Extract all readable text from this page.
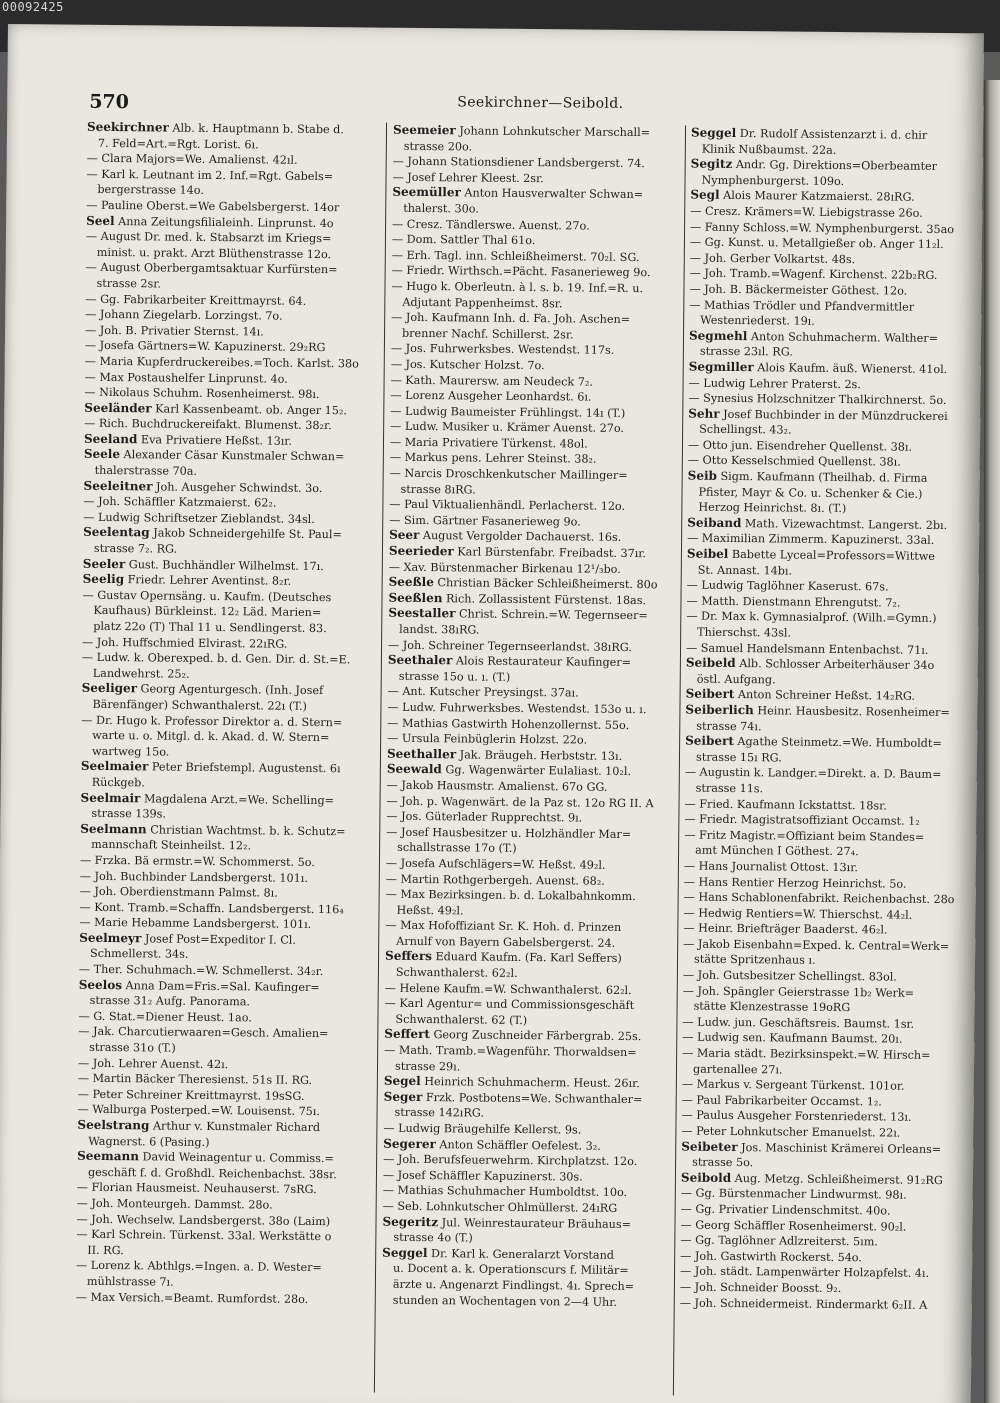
00092425
570	Seekirchner—Seibold.
Seekirchner Alb. k. Hauptmann b. Stabe d.
7. Feld=Art.=Rgt. Lorist. 6ı.
— Clara Majors=We. Amalienst. 42ıl.
— Karl k. Leutnant im 2. Inf.=Rgt. Gabels=
bergerstrasse 14o.
— Pauline Oberst.=We Gabelsbergerst. 14or
Seel Anna Zeitungsfilialeinh. Linprunst. 4o
— August Dr. med. k. Stabsarzt im Kriegs=
minist. u. prakt. Arzt Blüthenstrasse 12o.
— August Oberbergamtsaktuar Kurfürsten=
strasse 2sr.
— Gg. Fabrikarbeiter Kreittmayrst. 64.
— Johann Ziegelarb. Lorzingst. 7o.
— Joh. B. Privatier Sternst. 14ı.
— Josefa Gärtners=W. Kapuzinerst. 29₂RG
— Maria Kupferdruckereibes.=Toch. Karlst. 38o
— Max Postaushelfer Linprunst. 4o.
— Nikolaus Schuhm. Rosenheimerst. 98ı.
Seeländer Karl Kassenbeamt. ob. Anger 15₂.
— Rich. Buchdruckereifakt. Blumenst. 38₂r.
Seeland Eva Privatiere Heßst. 13ır.
Seele Alexander Cäsar Kunstmaler Schwan=
thalerstrasse 70a.
Seeleitner Joh. Ausgeher Schwindst. 3o.
— Joh. Schäffler Katzmaierst. 62₂.
— Ludwig Schriftsetzer Zieblandst. 34sl.
Seelentag Jakob Schneidergehilfe St. Paul=
strasse 7₂. RG.
Seeler Gust. Buchhändler Wilhelmst. 17ı.
Seelig Friedr. Lehrer Aventinst. 8₂r.
— Gustav Opernsäng. u. Kaufm. (Deutsches
Kaufhaus) Bürkleinst. 12₂ Läd. Marien=
platz 22o (T) Thal 11 u. Sendlingerst. 83.
— Joh. Huffschmied Elvirast. 22ıRG.
— Ludw. k. Oberexped. b. d. Gen. Dir. d. St.=E.
Landwehrst. 25₂.
Seeliger Georg Agenturgesch. (Inh. Josef
Bärenfänger) Schwanthalerst. 22ı (T.)
— Dr. Hugo k. Professor Direktor a. d. Stern=
warte u. o. Mitgl. d. k. Akad. d. W. Stern=
wartweg 15o.
Seelmaier Peter Briefstempl. Augustenst. 6ı
Rückgeb.
Seelmair Magdalena Arzt.=We. Schelling=
strasse 139s.
Seelmann Christian Wachtmst. b. k. Schutz=
mannschaft Steinheilst. 12₂.
— Frzka. Bä ermstr.=W. Schommerst. 5o.
— Joh. Buchbinder Landsbergerst. 101ı.
— Joh. Oberdienstmann Palmst. 8ı.
— Kont. Tramb.=Schaffn. Landsbergerst. 116₄
— Marie Hebamme Landsbergerst. 101ı.
Seelmeyr Josef Post=Expeditor I. Cl.
Schmellerst. 34s.
— Ther. Schuhmach.=W. Schmellerst. 34₂r.
Seelos Anna Dam=Fris.=Sal. Kaufinger=
strasse 31₂ Aufg. Panorama.
— G. Stat.=Diener Heust. 1ao.
— Jak. Charcutierwaaren=Gesch. Amalien=
strasse 31o (T.)
— Joh. Lehrer Auenst. 42ı.
— Martin Bäcker Theresienst. 51s II. RG.
— Peter Schreiner Kreittmayrst. 19sSG.
— Walburga Posterped.=W. Louisenst. 75ı.
Seelstrang Arthur v. Kunstmaler Richard
Wagnerst. 6 (Pasing.)
Seemann David Weinagentur u. Commiss.=
geschäft f. d. Großhdl. Reichenbachst. 38sr.
— Florian Hausmeist. Neuhauserst. 7sRG.
— Joh. Monteurgeh. Dammst. 28o.
— Joh. Wechselw. Landsbergerst. 38o (Laim)
— Karl Schrein. Türkenst. 33al. Werkstätte o
II. RG.
— Lorenz k. Abthlgs.=Ingen. a. D. Wester=
mühlstrasse 7ı.
— Max Versich.=Beamt. Rumfordst. 28o.
Seemeier Johann Lohnkutscher Marschall=
strasse 20o.
— Johann Stationsdiener Landsbergerst. 74.
— Josef Lehrer Kleest. 2sr.
Seemüller Anton Hausverwalter Schwan=
thalerst. 30o.
— Cresz. Tändlerswe. Auenst. 27o.
— Dom. Sattler Thal 61o.
— Erh. Tagl. inn. Schleißheimerst. 70₂l. SG.
— Friedr. Wirthsch.=Pächt. Fasanerieweg 9o.
— Hugo k. Oberleutn. à l. s. b. 19. Inf.=R. u.
Adjutant Pappenheimst. 8sr.
— Joh. Kaufmann Inh. d. Fa. Joh. Aschen=
brenner Nachf. Schillerst. 2sr.
— Jos. Fuhrwerksbes. Westendst. 117s.
— Jos. Kutscher Holzst. 7o.
— Kath. Maurersw. am Neudeck 7₂.
— Lorenz Ausgeher Leonhardst. 6ı.
— Ludwig Baumeister Frühlingst. 14ı (T.)
— Ludw. Musiker u. Krämer Auenst. 27o.
— Maria Privatiere Türkenst. 48ol.
— Markus pens. Lehrer Steinst. 38₂.
— Narcis Droschkenkutscher Maillinger=
strasse 8ıRG.
— Paul Viktualienhändl. Perlacherst. 12o.
— Sim. Gärtner Fasanerieweg 9o.
Seer August Vergolder Dachauerst. 16s.
Seerieder Karl Bürstenfabr. Freibadst. 37ır.
— Xav. Bürstenmacher Birkenau 12¹/₃bo.
Seeßle Christian Bäcker Schleißheimerst. 80o
Seeßlen Rich. Zollassistent Fürstenst. 18as.
Seestaller Christ. Schrein.=W. Tegernseer=
landst. 38ıRG.
— Joh. Schreiner Tegernseerlandst. 38ıRG.
Seethaler Alois Restaurateur Kaufinger=
strasse 15o u. ı. (T.)
— Ant. Kutscher Preysingst. 37aı.
— Ludw. Fuhrwerksbes. Westendst. 153o u. ı.
— Mathias Gastwirth Hohenzollernst. 55o.
— Ursula Feinbüglerin Holzst. 22o.
Seethaller Jak. Bräugeh. Herbststr. 13ı.
Seewald Gg. Wagenwärter Eulaliast. 10₂l.
— Jakob Hausmstr. Amalienst. 67o GG.
— Joh. p. Wagenwärt. de la Paz st. 12o RG II. A
— Jos. Güterlader Rupprechtst. 9ı.
— Josef Hausbesitzer u. Holzhändler Mar=
schallstrasse 17o (T.)
— Josefa Aufschlägers=W. Heßst. 49₂l.
— Martin Rothgerbergeh. Auenst. 68₂.
— Max Bezirksingen. b. d. Lokalbahnkomm.
Heßst. 49₂l.
— Max Hofoffiziant Sr. K. Hoh. d. Prinzen
Arnulf von Bayern Gabelsbergerst. 24.
Seffers Eduard Kaufm. (Fa. Karl Seffers)
Schwanthalerst. 62₂l.
— Helene Kaufm.=W. Schwanthalerst. 62₂l.
— Karl Agentur= und Commissionsgeschäft
Schwanthalerst. 62 (T.)
Seffert Georg Zuschneider Färbergrab. 25s.
— Math. Tramb.=Wagenführ. Thorwaldsen=
strasse 29ı.
Segel Heinrich Schuhmacherm. Heust. 26ır.
Seger Frzk. Postbotens=We. Schwanthaler=
strasse 142ıRG.
— Ludwig Bräugehilfe Kellerst. 9s.
Segerer Anton Schäffler Oefelest. 3₂.
— Joh. Berufsfeuerwehrm. Kirchplatzst. 12o.
— Josef Schäffler Kapuzinerst. 30s.
— Mathias Schuhmacher Humboldtst. 10o.
— Seb. Lohnkutscher Ohlmüllerst. 24ıRG
Segeritz Jul. Weinrestaurateur Bräuhaus=
strasse 4o (T.)
Seggel Dr. Karl k. Generalarzt Vorstand
u. Docent a. k. Operationscurs f. Militär=
ärzte u. Angenarzt Findlingst. 4ı. Sprech=
stunden an Wochentagen von 2—4 Uhr.
Seggel Dr. Rudolf Assistenzarzt i. d. chir
Klinik Nußbaumst. 22a.
Segitz Andr. Gg. Direktions=Oberbeamter
Nymphenburgerst. 109o.
Segl Alois Maurer Katzmaierst. 28ıRG.
— Cresz. Krämers=W. Liebigstrasse 26o.
— Fanny Schloss.=W. Nymphenburgerst. 35ao
— Gg. Kunst. u. Metallgießer ob. Anger 11₂l.
— Joh. Gerber Volkartst. 48s.
— Joh. Tramb.=Wagenf. Kirchenst. 22b₂RG.
— Joh. B. Bäckermeister Göthest. 12o.
— Mathias Trödler und Pfandvermittler
Westenriederst. 19ı.
Segmehl Anton Schuhmacherm. Walther=
strasse 23ıl. RG.
Segmiller Alois Kaufm. äuß. Wienerst. 41ol.
— Ludwig Lehrer Praterst. 2s.
— Synesius Holzschnitzer Thalkirchnerst. 5o.
Sehr Josef Buchbinder in der Münzdruckerei
Schellingst. 43₂.
— Otto jun. Eisendreher Quellenst. 38ı.
— Otto Kesselschmied Quellenst. 38ı.
Seib Sigm. Kaufmann (Theilhab. d. Firma
Pfister, Mayr & Co. u. Schenker & Cie.)
Herzog Heinrichst. 8ı. (T.)
Seiband Math. Vizewachtmst. Langerst. 2bı.
— Maximilian Zimmerm. Kapuzinerst. 33al.
Seibel Babette Lyceal=Professors=Wittwe
St. Annast. 14bı.
— Ludwig Taglöhner Kaserust. 67s.
— Matth. Dienstmann Ehrengutst. 7₂.
— Dr. Max k. Gymnasialprof. (Wilh.=Gymn.)
Thierschst. 43sl.
— Samuel Handelsmann Entenbachst. 71ı.
Seibeld Alb. Schlosser Arbeiterhäuser 34o
östl. Aufgang.
Seibert Anton Schreiner Heßst. 14₂RG.
Seiberlich Heinr. Hausbesitz. Rosenheimer=
strasse 74ı.
Seibert Agathe Steinmetz.=We. Humboldt=
strasse 15ı RG.
— Augustin k. Landger.=Direkt. a. D. Baum=
strasse 11s.
— Fried. Kaufmann Ickstattst. 18sr.
— Friedr. Magistratsoffiziant Occamst. 1₂
— Fritz Magistr.=Offiziant beim Standes=
amt München I Göthest. 27₄.
— Hans Journalist Ottost. 13ır.
— Hans Rentier Herzog Heinrichst. 5o.
— Hans Schablonenfabrikt. Reichenbachst. 28o
— Hedwig Rentiers=W. Thierschst. 44₂l.
— Heinr. Briefträger Baaderst. 46₂l.
— Jakob Eisenbahn=Exped. k. Central=Werk=
stätte Spritzenhaus ı.
— Joh. Gutsbesitzer Schellingst. 83ol.
— Joh. Spängler Geierstrasse 1b₂ Werk=
stätte Klenzestrasse 19oRG
— Ludw. jun. Geschäftsreis. Baumst. 1sr.
— Ludwig sen. Kaufmann Baumst. 20ı.
— Maria städt. Bezirksinspekt.=W. Hirsch=
gartenallee 27ı.
— Markus v. Sergeant Türkenst. 101or.
— Paul Fabrikarbeiter Occamst. 1₂.
— Paulus Ausgeher Forstenriederst. 13ı.
— Peter Lohnkutscher Emanuelst. 22ı.
Seibeter Jos. Maschinist Krämerei Orleans=
strasse 5o.
Seibold Aug. Metzg. Schleißheimerst. 91₂RG
— Gg. Bürstenmacher Lindwurmst. 98ı.
— Gg. Privatier Lindenschmitst. 40o.
— Georg Schäffler Rosenheimerst. 90₂l.
— Gg. Taglöhner Adlzreiterst. 5ım.
— Joh. Gastwirth Rockerst. 54o.
— Joh. städt. Lampenwärter Holzapfelst. 4ı.
— Joh. Schneider Boosst. 9₂.
— Joh. Schneidermeist. Rindermarkt 6₂II. A
